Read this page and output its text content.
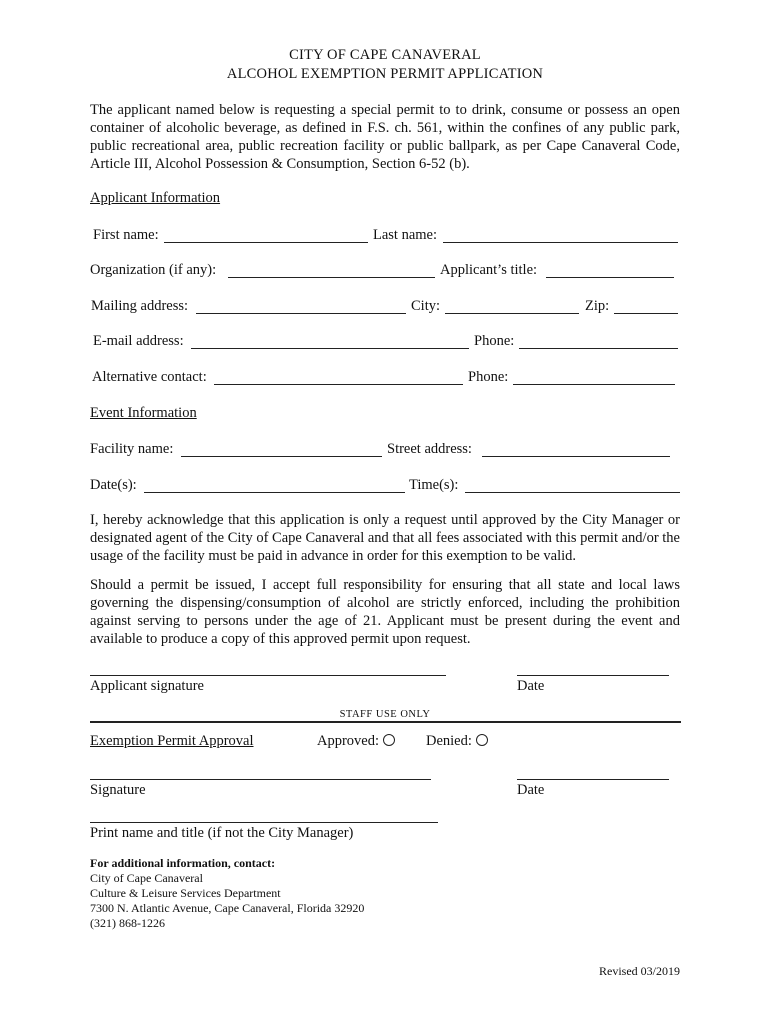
CITY OF CAPE CANAVERAL
ALCOHOL EXEMPTION PERMIT APPLICATION
The applicant named below is requesting a special permit to to drink, consume or possess an open container of alcoholic beverage, as defined in F.S. ch. 561, within the confines of any public park, public recreational area, public recreation facility or public ballpark, as per Cape Canaveral Code, Article III, Alcohol Possession & Consumption, Section 6-52 (b).
Applicant Information
First name:	Last name:
Organization (if any):	Applicant’s title:
Mailing address:	City:	Zip:
E-mail address:	Phone:
Alternative contact:	Phone:
Event Information
Facility name:	Street address:
Date(s):	Time(s):
I, hereby acknowledge that this application is only a request until approved by the City Manager or designated agent of the City of Cape Canaveral and that all fees associated with this permit and/or the usage of the facility must be paid in advance in order for this exemption to be valid.
Should a permit be issued, I accept full responsibility for ensuring that all state and local laws governing the dispensing/consumption of alcohol are strictly enforced, including the prohibition against serving to persons under the age of 21. Applicant must be present during the event and available to produce a copy of this approved permit upon request.
Applicant signature	Date
STAFF USE ONLY
Exemption Permit Approval	Approved:	Denied:
Signature	Date
Print name and title (if not the City Manager)
For additional information, contact:
City of Cape Canaveral
Culture & Leisure Services Department
7300 N. Atlantic Avenue, Cape Canaveral, Florida 32920
(321) 868-1226
Revised 03/2019
